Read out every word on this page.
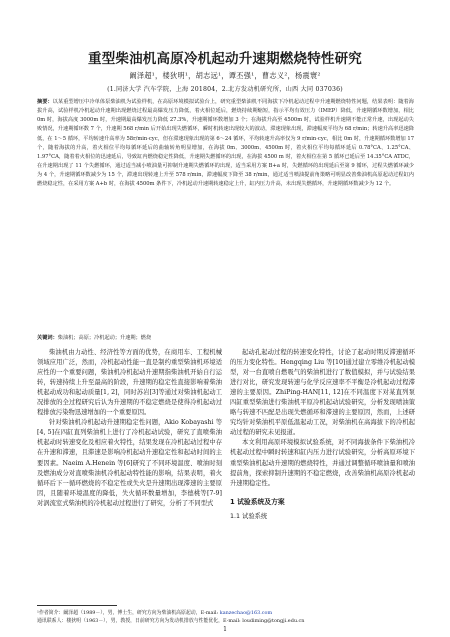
重型柴油机高原冷机起动升速期燃烧特性研究
阚泽超¹，楼狄明¹，胡志远¹，谭丕强¹，曹志义²，杨震寰²
(1.同济大学 汽车学院，上海 201804，2.北方发动机研究所，山西 大同 037036)
摘要：以某重型增压中冷单体泵柴油机为试验样机，在高原环境模拟试验台上，研究重型柴油机不同海拔下冷机起动过程中升速期燃烧特性问题，结果表明：随着海拔升高，试验样机冷机起动升速期出现燃烧过程最高爆发压力降低，着火相位延后，燃烧持续期缩短，指示平均有效压力（IMEP）降低，升速期循环数增加，相比 0m 时，海拔高度 3000m 时，升速期最高爆发压力降低 27.3%，升速期循环数增加 3 个；在海拔升高至 4500m 时，试验样机升速期不能正常升速，出现起动失败情况，升速期循环数 7 个，升速期 568 r/min 后开始出现失燃循环，瞬时机转速出现较大的波动，滞速现象出现，滞速幅度平均为 68 r/min；转速升高率迅速降低，在 1～5 循环，平均转速升高率为 58r/min·cyc，但在滞速现象出现的第 6～24 循环，平均转速升高率仅为 9 r/min·cyc，相比 0m 时，升速期循环数增加 17 个，随着海拔的升高，着火相位平均每循环延后的曲轴转角明显增加，在海拔 0m、3000m、4500m 时，着火相位平均每循环延后 0.78°CA、1.25°CA、1.97°CA，随着着火相位的迅速延后，导致缸内燃烧稳定性降低，升速期失燃循环的出现，在海拔 4500 m 时，着火相位在第 5 循环已延后至 14.35°CA ATDC，在升速期出现了 11 个失燃循环，通过适当减小喷油量可抑制升速期失燃循环的出现，适当采用方案 B+a 时，失燃循环的出现延后至第 9 循环，过程失燃循环减少为 4 个，升速期循环数减少为 15 个，滞速出现转速上升至 578 r/min，滞速幅度下降至 38 r/min，通过适当喷油提前角策略可明显改善柴油机高原起动过程缸内燃烧稳定性，在采用方案 A+b 时，在海拔 4500m 条件下，冷机起动升速期转速稳定上升，缸内压力升高，未出现失燃循环，升速期循环数减少为 12 个。
关键词：柴油机；高原；冷机起动；升速期；燃烧

柴油机由力动性、经济性等方面的优势，在商用车、工程机械领域应用广泛，然而，冷机起动性能一直是制约重型柴油机环境适应性的一个重要问题，柴油机冷机起动升速期指柴油机开始自行运转，转速持续上升至最高的阶段，升速期的稳定性直接影响着柴油机起动成功和起动质量[1, 2]，同时苏岩[3]等通过对柴油机起动工况排放的全过程研究后认为升速期的不稳定燃烧是使得冷机起动过程排放污染物迅速增加的一个重要原因。

针对柴油机冷机起动升速期稳定性问题，Akio Kobayashi 等[4, 5]在四缸直列柴油机上进行了冷机起动试验，研究了直喷柴油机起动时转速变化及相应着火特性，结果发现在冷机起动过程中存在升速和滞速，且滞速是影响冷机起动升速稳定性和起动时间的主要因素。Naeim A.Henein 等[6]研究了不同环境温度、喷油时刻及燃油成分对直喷柴油机冷机起动特性能的影响，结果表明，着火循环后下一循环燃烧的不稳定性或失火是升速期出现滞速的主要原因，且随着环境温度的降低，失火循环数量增加，李德桃等[7-9]对涡流室式柴油机的冷机起动过程进行了研究，分析了不同型式

起动孔起动过程的转速变化特性，讨论了起动时期反滞速循环的压力变化特性。Hengqing Liu 等[10]通过建立零维冷机起动模型，对一台直喷自燃吸气的柴油机进行了数值模拟，并与试验结果进行对比，研究发现转速与化学反应速率不平衡是冷机起动过程滞速的主要原因。ZhiPing-HAN[11, 12]在不同温度下对某直列泵四缸重型柴油进行柴油机平原冷机起动试验研究，分析发现喷油策略与转速不匹配是出现失燃循环和滞速的主要原因，然而，上述研究均针对柴油机平原低温起动工况，对柴油机在高海拔下的冷机起动过程的研究未见报道。

本文利用高原环境模拟试验系统，对不同海拔条件下柴油机冷机起动过程中瞬时转速和缸内压力进行试验研究，分析高原环境下重型柴油机起动升速期的燃烧特性，并通过调整循环喷油量和喷油提前角，探索抑制升速期的不稳定燃烧，改善柴油机高原冷机起动升速期稳定性。

1 试验系统及方案
1.1 试验系统
¹作者简介：阚泽超（1989－），男，博士生，研究方向为柴油机高原起动，E-mail: kanzechao@163.com
通讯联系人：楼狄明（1963－），男，教授，日前研究方向为发动机排放与性能优化，E-mail: loudiming@tongji.edu.cn
1
